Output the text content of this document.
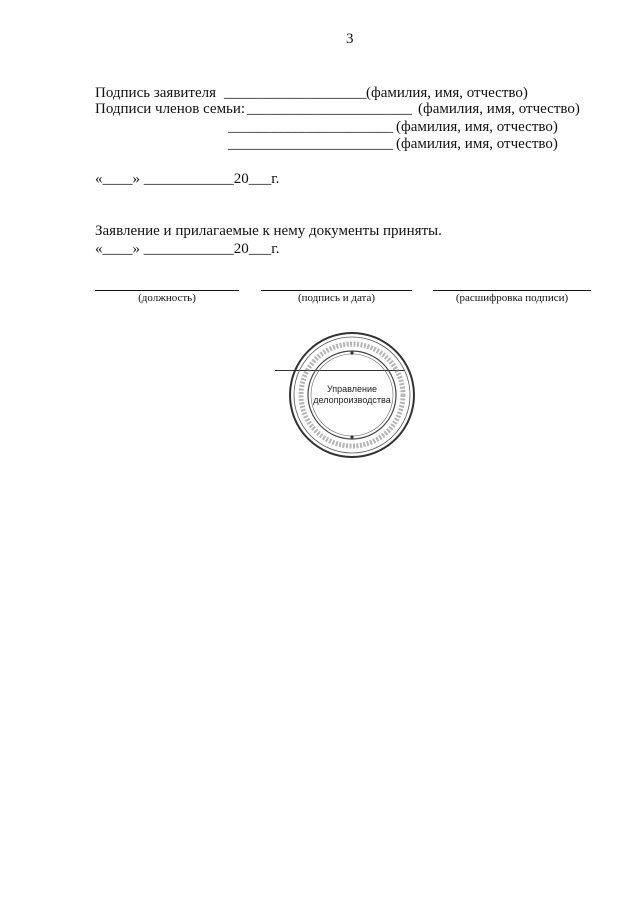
3
Подпись заявителя ___________________ (фамилия, имя, отчество)
Подписи членов семьи: ______________________ (фамилия, имя, отчество)
______________________ (фамилия, имя, отчество)
______________________ (фамилия, имя, отчество)
«____» ____________20___г.
Заявление и прилагаемые к нему документы приняты.
«____» ____________20___г.
(должность)	(подпись и дата)	(расшифровка подписи)
Управление
делопроизводства
